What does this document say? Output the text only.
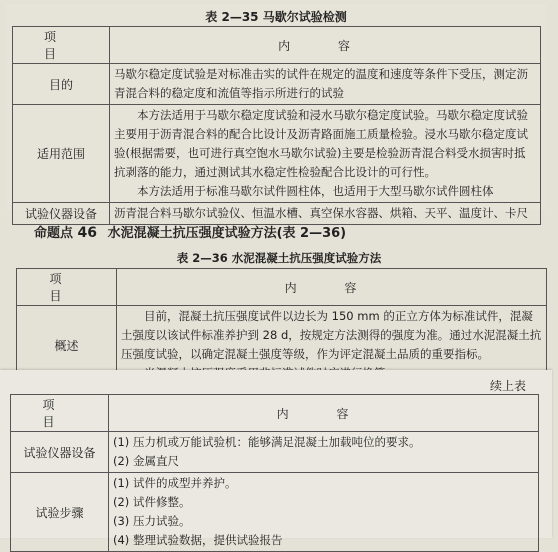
表 2—35 马歇尔试验检测
项 目	内 容
目的	马歇尔稳定度试验是对标准击实的试件在规定的温度和速度等条件下受压，测定沥青混合料的稳定度和流值等指示所进行的试验

适用范围	本方法适用于马歇尔稳定度试验和浸水马歇尔稳定度试验。马歇尔稳定度试验主要用于沥青混合料的配合比设计及沥青路面施工质量检验。浸水马歇尔稳定度试验(根据需要，也可进行真空饱水马歇尔试验)主要是检验沥青混合料受水损害时抵抗剥落的能力，通过测试其水稳定性检验配合比设计的可行性。

本方法适用于标准马歇尔试件圆柱体，也适用于大型马歇尔试件圆柱体

试验仪器设备	沥青混合料马歇尔试验仪、恒温水槽、真空保水容器、烘箱、天平、温度计、卡尺

命题点 46 水泥混凝土抗压强度试验方法(表 2—36)
表 2—36 水泥混凝土抗压强度试验方法
项 目	内 容
概述	目前，混凝土抗压强度试件以边长为 150 mm 的正立方体为标准试件，混凝土强度以该试件标准养护到 28 d，按规定方法测得的强度为准。通过水泥混凝土抗压强度试验，以确定混凝土强度等级，作为评定混凝土品质的重要指标。

续上表
项 目	内 容
试验仪器设备	(1) 压力机或万能试验机：能够满足混凝土加载吨位的要求。

(2) 金属直尺

试验步骤	(1) 试件的成型并养护。

(2) 试件修整。

(3) 压力试验。

(4) 整理试验数据，提供试验报告
